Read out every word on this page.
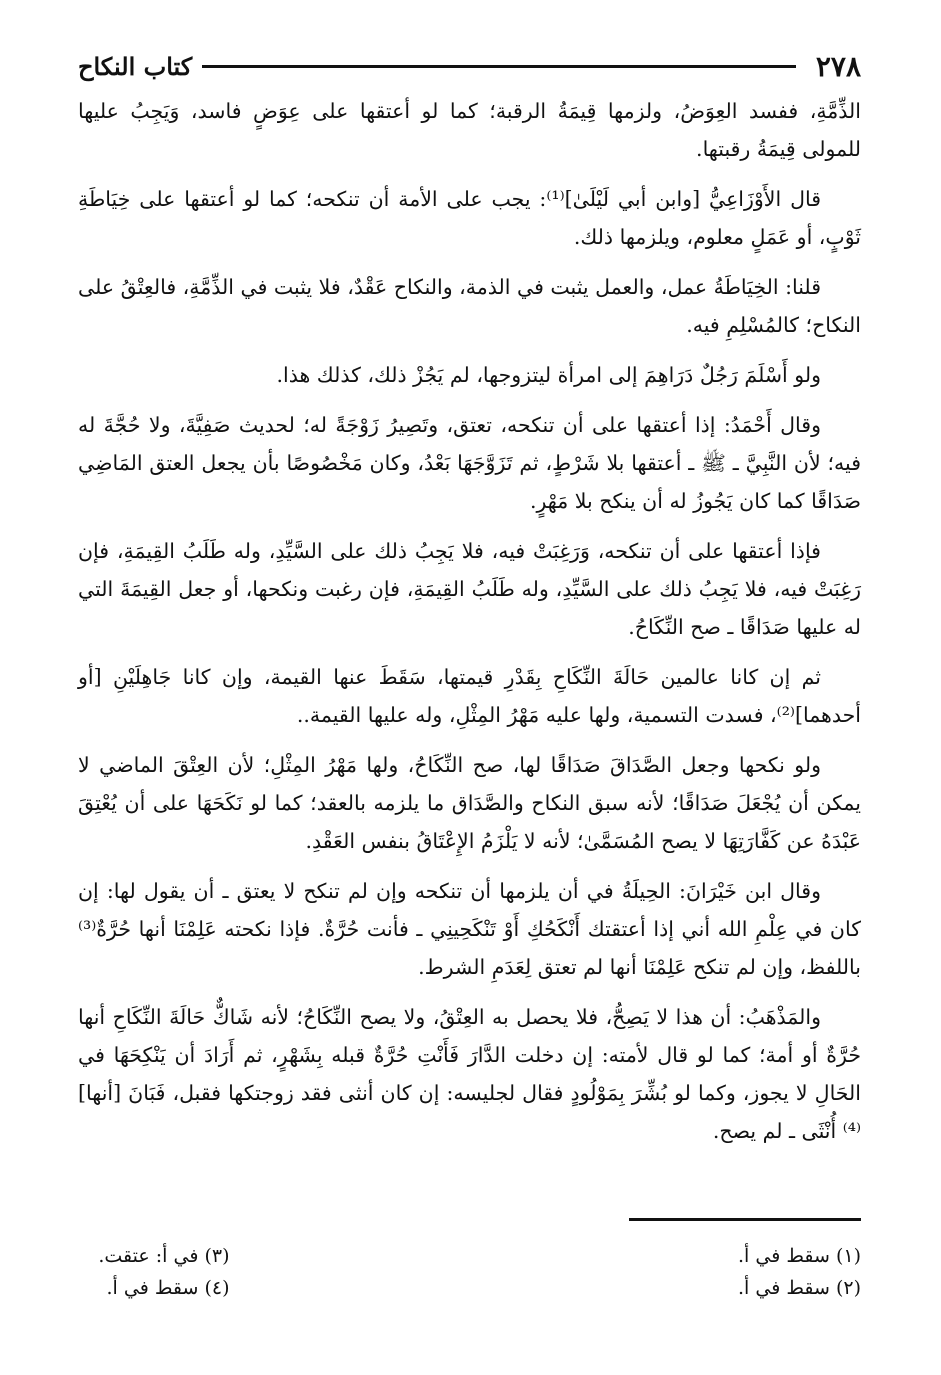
٢٧٨
كتاب النكاح

الذِّمَّةِ، ففسد العِوَضُ، ولزمها قِيمَةُ الرقبة؛ كما لو أعتقها على عِوَضٍ فاسد، وَيَجِبُ عليها للمولى قِيمَةُ رقبتها.

قال الأَوْزَاعِيُّ [وابن أبي لَيْلَىٰ]⁽¹⁾: يجب على الأمة أن تنكحه؛ كما لو أعتقها على خِيَاطَةِ ثَوْبٍ، أو عَمَلٍ معلوم، ويلزمها ذلك.

قلنا: الخِيَاطَةُ عمل، والعمل يثبت في الذمة، والنكاح عَقْدٌ، فلا يثبت في الذِّمَّةِ، فالعِتْقُ على النكاح؛ كالمُسْلِمِ فيه.

ولو أَسْلَمَ رَجُلٌ دَرَاهِمَ إلى امرأة ليتزوجها، لم يَجُزْ ذلك، كذلك هذا.

وقال أَحْمَدُ: إذا أعتقها على أن تنكحه، تعتق، وتَصِيرُ زَوْجَةً له؛ لحديث صَفِيَّةَ، ولا حُجَّةَ له فيه؛ لأن النَّبِيَّ ـ ﷺ ـ أعتقها بلا شَرْطٍ، ثم تَزَوَّجَهَا بَعْدُ، وكان مَخْصُوصًا بأن يجعل العتق المَاضِي صَدَاقًا كما كان يَجُوزُ له أن ينكح بلا مَهْرٍ.

فإذا أعتقها على أن تنكحه، وَرَغِبَتْ فيه، فلا يَجِبُ ذلك على السَّيِّدِ، وله طَلَبُ القِيمَةِ، فإن رَغِبَتْ فيه، فلا يَجِبُ ذلك على السَّيِّدِ، وله طَلَبُ القِيمَةِ، فإن رغبت ونكحها، أو جعل القِيمَةَ التي له عليها صَدَاقًا ـ صح النِّكَاحُ.

ثم إن كانا عالمين حَالَةَ النِّكَاحِ بِقَدْرِ قيمتها، سَقَطَ عنها القيمة، وإن كانا جَاهِلَيْنِ [أو أحدهما]⁽²⁾، فسدت التسمية، ولها عليه مَهْرُ المِثْلِ، وله عليها القيمة..

ولو نكحها وجعل الصَّدَاقَ صَدَاقًا لها، صح النِّكَاحُ، ولها مَهْرُ المِثْلِ؛ لأن العِتْقَ الماضي لا يمكن أن يُجْعَلَ صَدَاقًا؛ لأنه سبق النكاح والصَّدَاق ما يلزمه بالعقد؛ كما لو نَكَحَهَا على أن يُعْتِقَ عَبْدَهُ عن كَفَّارَتِهَا لا يصح المُسَمَّىٰ؛ لأنه لا يَلْزَمُ الإِعْتَاقُ بنفس العَقْدِ.

وقال ابن خَيْرَانَ: الحِيلَةُ في أن يلزمها أن تنكحه وإن لم تنكح لا يعتق ـ أن يقول لها: إن كان في عِلْمِ الله أني إذا أعتقتك أَنْكَحُكِ أَوْ تَنْكَحِينِي ـ فأنت حُرَّةٌ. فإذا نكحته عَلِمْنَا أنها حُرَّةٌ⁽³⁾ باللفظ، وإن لم تنكح عَلِمْنَا أنها لم تعتق لِعَدَمِ الشرط.

والمَذْهَبُ: أن هذا لا يَصِحُّ، فلا يحصل به العِتْقُ، ولا يصح النِّكَاحُ؛ لأنه شَاكٌّ حَالَةَ النِّكَاحِ أنها حُرَّةٌ أو أمة؛ كما لو قال لأمته: إن دخلت الدَّارَ فَأَنْتِ حُرَّةٌ قبله بِشَهْرٍ، ثم أَرَادَ أن يَنْكِحَهَا في الحَالِ لا يجوز، وكما لو بُشِّرَ بِمَوْلُودٍ فقال لجليسه: إن كان أنثى فقد زوجتكها فقبل، فَبَانَ [أنها]⁽⁴⁾ أُنْثَى ـ لم يصح.

(١) سقط في أ.
(٢) سقط في أ.
(٣) في أ: عتقت.
(٤) سقط في أ.
